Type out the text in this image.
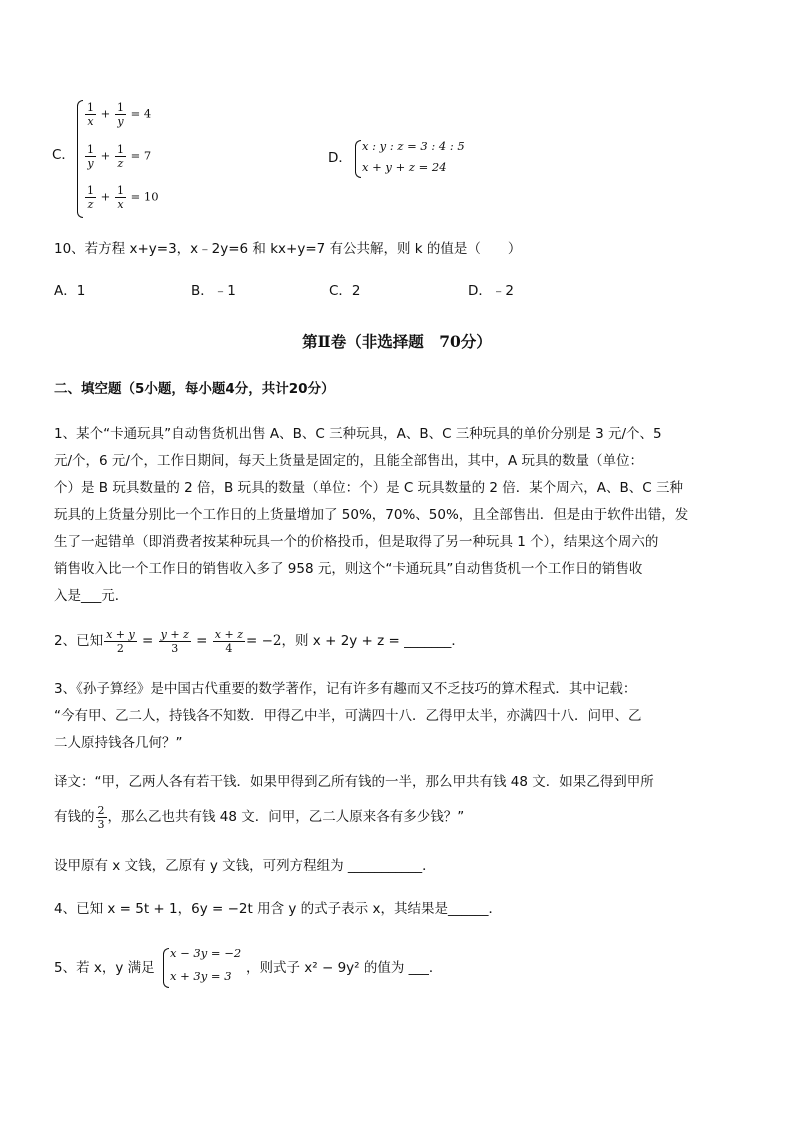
C．
$\frac{1}{x} + \frac{1}{y} = 4$
$\frac{1}{y} + \frac{1}{z} = 7$
$\frac{1}{z} + \frac{1}{x} = 10$
D．
x : y : z = 3 : 4 : 5
x + y + z = 24
10、若方程 x+y=3，x﹣2y=6 和 kx+y=7 有公共解，则 k 的值是（　　）
A．1	B．﹣1	C．2	D．﹣2
第Ⅱ卷（非选择题　70分）
二、填空题（5小题，每小题4分，共计20分）
1、某个“卡通玩具”自动售货机出售 A、B、C 三种玩具，A、B、C 三种玩具的单价分别是 3 元/个、5
元/个，6 元/个，工作日期间，每天上货量是固定的，且能全部售出，其中，A 玩具的数量（单位：
个）是 B 玩具数量的 2 倍，B 玩具的数量（单位：个）是 C 玩具数量的 2 倍．某个周六，A、B、C 三种
玩具的上货量分别比一个工作日的上货量增加了 50%，70%、50%，且全部售出．但是由于软件出错，发
生了一起错单（即消费者按某种玩具一个的价格投币，但是取得了另一种玩具 1 个），结果这个周六的
销售收入比一个工作日的销售收入多了 958 元，则这个“卡通玩具”自动售货机一个工作日的销售收
入是___元．
2、已知 $\frac{x + y}{2} = \frac{y + z}{3} = \frac{x + z}{4} = -2$，则 x + 2y + z = _______．
3、《孙子算经》是中国古代重要的数学著作，记有许多有趣而又不乏技巧的算术程式．其中记载：
“今有甲、乙二人，持钱各不知数．甲得乙中半，可满四十八．乙得甲太半，亦满四十八．问甲、乙
二人原持钱各几何？”
译文：“甲，乙两人各有若干钱．如果甲得到乙所有钱的一半，那么甲共有钱 48 文．如果乙得到甲所
有钱的 $\frac{2}{3}$ ，那么乙也共有钱 48 文．问甲，乙二人原来各有多少钱？”
设甲原有 x 文钱，乙原有 y 文钱，可列方程组为 ___________．
4、已知 x = 5t + 1，6y = −2t 用含 y 的式子表示 x，其结果是______．
5、若 x，y 满足
x − 3y = −2
x + 3y = 3 ，则式子 x² − 9y² 的值为 ___．
